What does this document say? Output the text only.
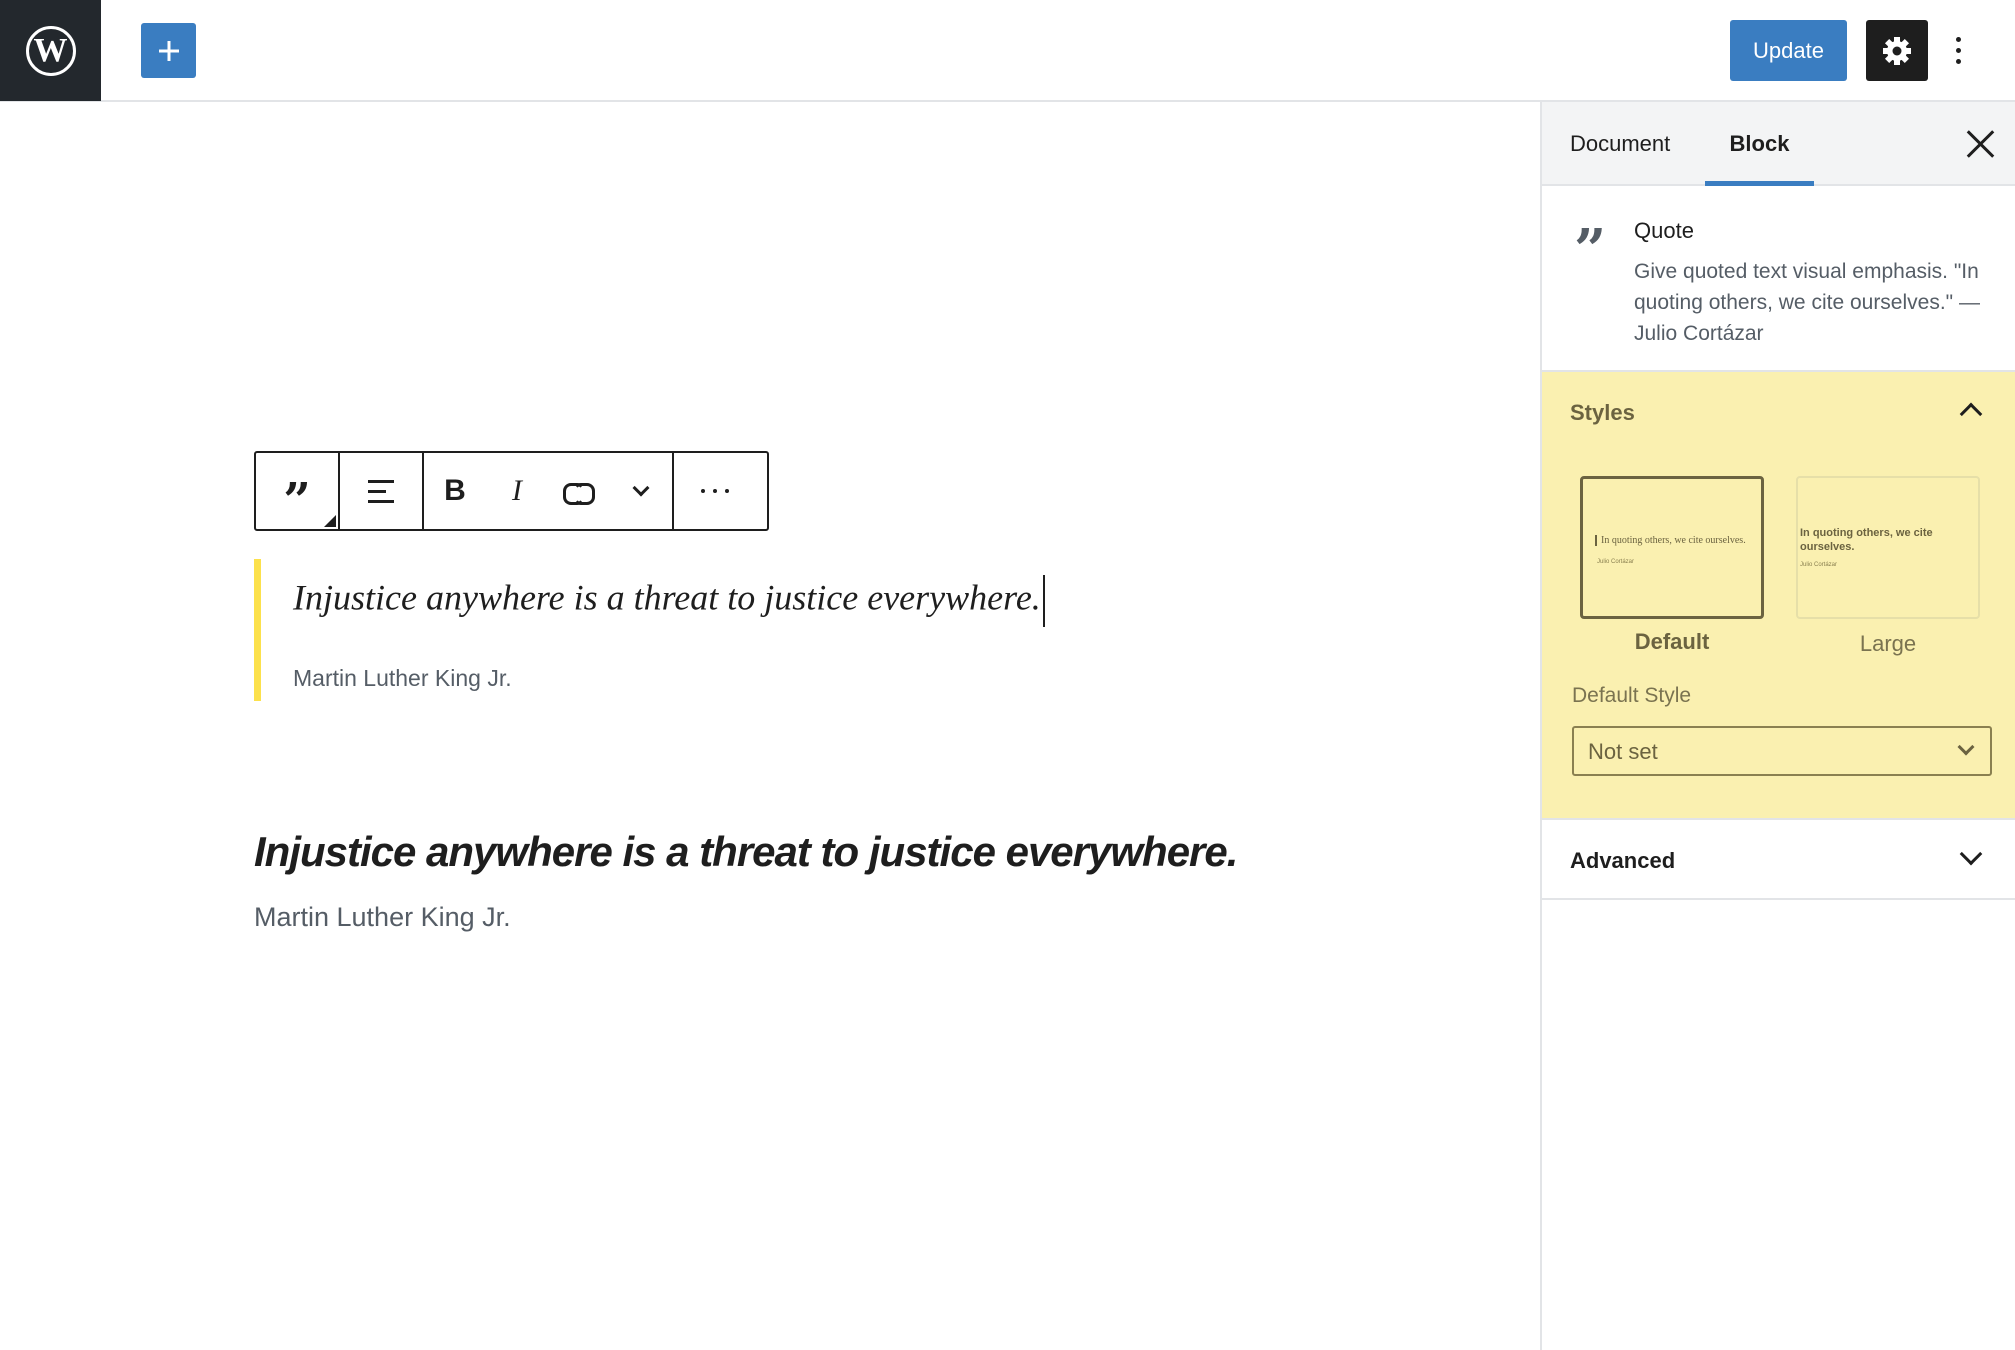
W	Update
”	B I
Injustice anywhere is a threat to justice everywhere.
Martin Luther King Jr.
Injustice anywhere is a threat to justice everywhere.
Martin Luther King Jr.
Document	Block
” Quote
Give quoted text visual emphasis. "In quoting others, we cite ourselves." — Julio Cortázar
Styles
In quoting others, we cite ourselves.
Julio Cortázar
Default
In quoting others, we cite ourselves.
Julio Cortázar
Large
Default Style
Not set
Advanced
